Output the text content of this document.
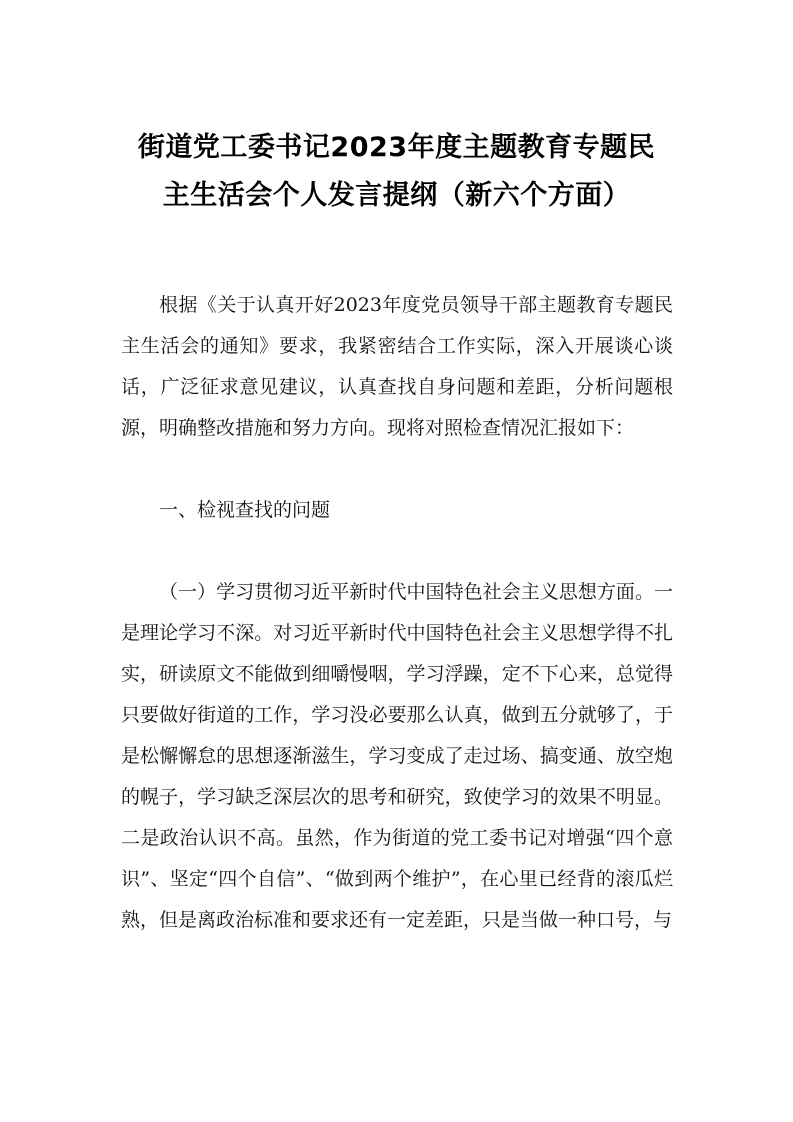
街道党工委书记2023年度主题教育专题民
主生活会个人发言提纲（新六个方面）

根据《关于认真开好2023年度党员领导干部主题教育专题民主生活会的通知》要求，我紧密结合工作实际，深入开展谈心谈话，广泛征求意见建议，认真查找自身问题和差距，分析问题根源，明确整改措施和努力方向。现将对照检查情况汇报如下：

一、检视查找的问题

（一）学习贯彻习近平新时代中国特色社会主义思想方面。一是理论学习不深。对习近平新时代中国特色社会主义思想学得不扎实，研读原文不能做到细嚼慢咽，学习浮躁，定不下心来，总觉得只要做好街道的工作，学习没必要那么认真，做到五分就够了，于是松懈懈怠的思想逐渐滋生，学习变成了走过场、搞变通、放空炮的幌子，学习缺乏深层次的思考和研究，致使学习的效果不明显。二是政治认识不高。虽然，作为街道的党工委书记对增强“四个意识”、坚定“四个自信”、“做到两个维护”，在心里已经背的滚瓜烂熟，但是离政治标准和要求还有一定差距，只是当做一种口号，与
